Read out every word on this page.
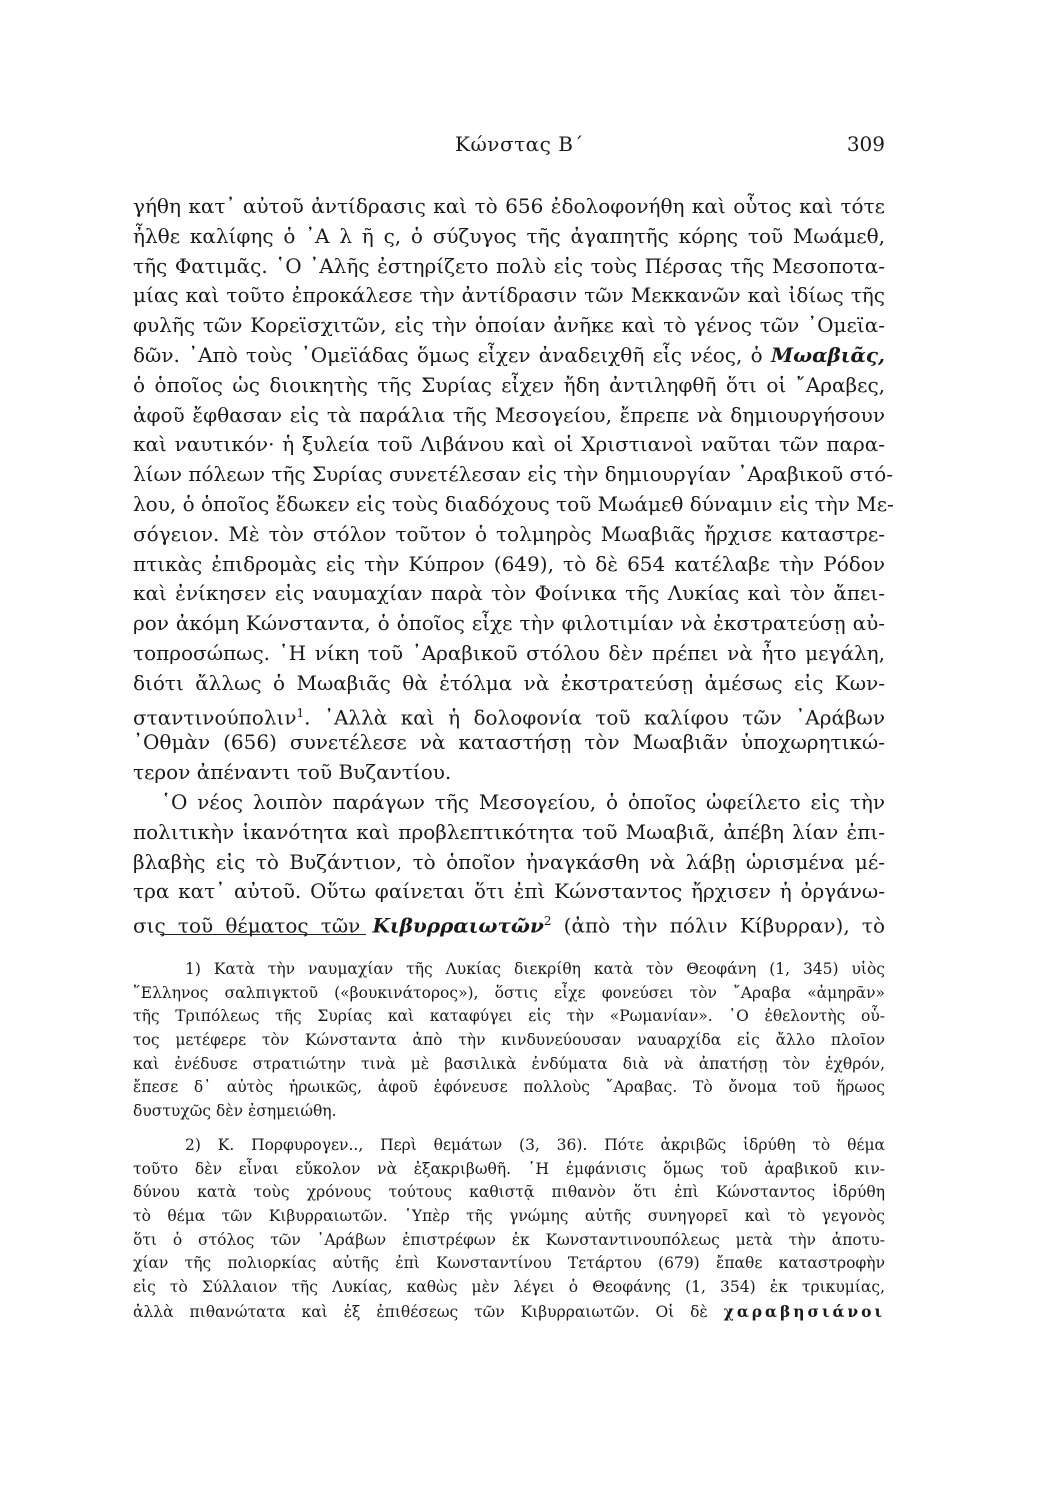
Κώνστας Β΄	309
γήθη κατ᾽ αὐτοῦ ἀντίδρασις καὶ τὸ 656 ἐδολοφονήθη καὶ οὗτος καὶ τότε
ἦλθε καλίφης ὁ ᾽Α λ ῆ ς, ὁ σύζυγος τῆς ἀγαπητῆς κόρης τοῦ Μωάμεθ,
τῆς Φατιμᾶς. ῾Ο ᾽Αλῆς ἐστηρίζετο πολὺ εἰς τοὺς Πέρσας τῆς Μεσοποτα-
μίας καὶ τοῦτο ἐπροκάλεσε τὴν ἀντίδρασιν τῶν Μεκκανῶν καὶ ἰδίως τῆς
φυλῆς τῶν Κορεϊσχιτῶν, εἰς τὴν ὁποίαν ἀνῆκε καὶ τὸ γένος τῶν ᾽Ομεϊα-
δῶν. ᾽Απὸ τοὺς ᾽Ομεϊάδας ὅμως εἶχεν ἀναδειχθῆ εἷς νέος, ὁ Μωαβιᾶς,
ὁ ὁποῖος ὡς διοικητὴς τῆς Συρίας εἶχεν ἤδη ἀντιληφθῆ ὅτι οἱ ῎Αραβες,
ἀφοῦ ἔφθασαν εἰς τὰ παράλια τῆς Μεσογείου, ἔπρεπε νὰ δημιουργήσουν
καὶ ναυτικόν· ἡ ξυλεία τοῦ Λιβάνου καὶ οἱ Χριστιανοὶ ναῦται τῶν παρα-
λίων πόλεων τῆς Συρίας συνετέλεσαν εἰς τὴν δημιουργίαν ᾽Αραβικοῦ στό-
λου, ὁ ὁποῖος ἔδωκεν εἰς τοὺς διαδόχους τοῦ Μωάμεθ δύναμιν εἰς τὴν Με-
σόγειον. Μὲ τὸν στόλον τοῦτον ὁ τολμηρὸς Μωαβιᾶς ἤρχισε καταστρε-
πτικὰς ἐπιδρομὰς εἰς τὴν Κύπρον (649), τὸ δὲ 654 κατέλαβε τὴν Ρόδον
καὶ ἐνίκησεν εἰς ναυμαχίαν παρὰ τὸν Φοίνικα τῆς Λυκίας καὶ τὸν ἄπει-
ρον ἀκόμη Κώνσταντα, ὁ ὁποῖος εἶχε τὴν φιλοτιμίαν νὰ ἐκστρατεύσῃ αὐ-
τοπροσώπως. ῾Η νίκη τοῦ ᾽Αραβικοῦ στόλου δὲν πρέπει νὰ ἦτο μεγάλη,
διότι ἄλλως ὁ Μωαβιᾶς θὰ ἐτόλμα νὰ ἐκστρατεύσῃ ἀμέσως εἰς Κων-
σταντινούπολιν$^1$. ᾽Αλλὰ καὶ ἡ δολοφονία τοῦ καλίφου τῶν ᾽Αράβων
᾽Οθμὰν (656) συνετέλεσε νὰ καταστήσῃ τὸν Μωαβιᾶν ὑποχωρητικώ-
τερον ἀπέναντι τοῦ Βυζαντίου.
῾Ο νέος λοιπὸν παράγων τῆς Μεσογείου, ὁ ὁποῖος ὠφείλετο εἰς τὴν
πολιτικὴν ἱκανότητα καὶ προβλεπτικότητα τοῦ Μωαβιᾶ, ἀπέβη λίαν ἐπι-
βλαβὴς εἰς τὸ Βυζάντιον, τὸ ὁποῖον ἠναγκάσθη νὰ λάβῃ ὡρισμένα μέ-
τρα κατ᾽ αὐτοῦ. Οὕτω φαίνεται ὅτι ἐπὶ Κώνσταντος ἤρχισεν ἡ ὀργάνω-
σις τοῦ θέματος τῶν Κιβυρραιωτῶν$^2$ (ἀπὸ τὴν πόλιν Κίβυρραν), τὸ
1) Κατὰ τὴν ναυμαχίαν τῆς Λυκίας διεκρίθη κατὰ τὸν Θεοφάνη (1, 345) υἱὸς
῞Ελληνος σαλπιγκτοῦ («βουκινάτορος»), ὅστις εἶχε φονεύσει τὸν ῎Αραβα «ἀμηρᾶν»
τῆς Τριπόλεως τῆς Συρίας καὶ καταφύγει εἰς τὴν «Ρωμανίαν». ῾Ο ἐθελοντὴς οὗ-
τος μετέφερε τὸν Κώνσταντα ἀπὸ τὴν κινδυνεύουσαν ναυαρχίδα εἰς ἄλλο πλοῖον
καὶ ἐνέδυσε στρατιώτην τινὰ μὲ βασιλικὰ ἐνδύματα διὰ νὰ ἀπατήσῃ τὸν ἐχθρόν,
ἔπεσε δ᾽ αὐτὸς ἡρωικῶς, ἀφοῦ ἐφόνευσε πολλοὺς ῎Αραβας. Τὸ ὄνομα τοῦ ἥρωος
δυστυχῶς δὲν ἐσημειώθη.
2) Κ. Πορφυρογεν.., Περὶ θεμάτων (3, 36). Πότε ἀκριβῶς ἱδρύθη τὸ θέμα
τοῦτο δὲν εἶναι εὔκολον νὰ ἐξακριβωθῆ. ῾Η ἐμφάνισις ὅμως τοῦ ἀραβικοῦ κιν-
δύνου κατὰ τοὺς χρόνους τούτους καθιστᾷ πιθανὸν ὅτι ἐπὶ Κώνσταντος ἱδρύθη
τὸ θέμα τῶν Κιβυρραιωτῶν. ῾Υπὲρ τῆς γνώμης αὐτῆς συνηγορεῖ καὶ τὸ γεγονὸς
ὅτι ὁ στόλος τῶν ᾽Αράβων ἐπιστρέφων ἐκ Κωνσταντινουπόλεως μετὰ τὴν ἀποτυ-
χίαν τῆς πολιορκίας αὐτῆς ἐπὶ Κωνσταντίνου Τετάρτου (679) ἔπαθε καταστροφὴν
εἰς τὸ Σύλλαιον τῆς Λυκίας, καθὼς μὲν λέγει ὁ Θεοφάνης (1, 354) ἐκ τρικυμίας,
ἀλλὰ πιθανώτατα καὶ ἐξ ἐπιθέσεως τῶν Κιβυρραιωτῶν. Οἱ δὲ χαραβησιάνοι
